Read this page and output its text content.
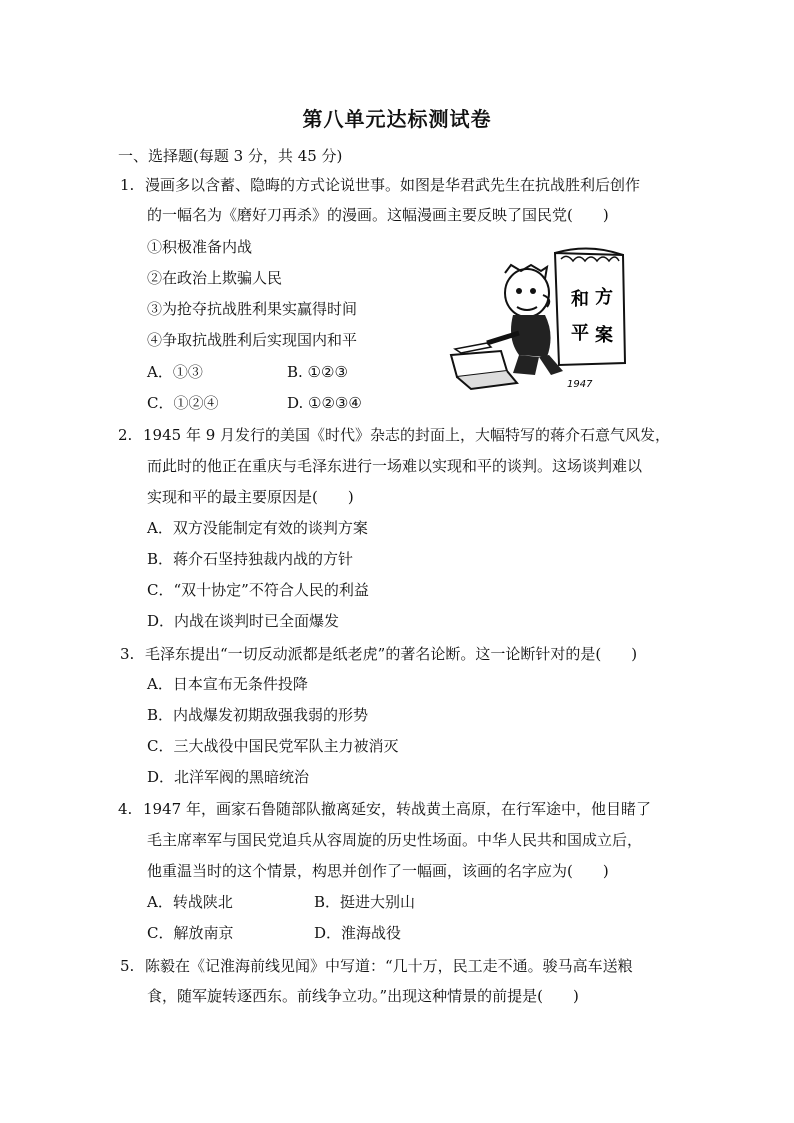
第八单元达标测试卷
一、选择题(每题 3 分，共 45 分)
1. 漫画多以含蓄、隐晦的方式论说世事。如图是华君武先生在抗战胜利后创作
的一幅名为《磨好刀再杀》的漫画。这幅漫画主要反映了国民党(　　)
①积极准备内战
②在政治上欺骗人民
③为抢夺抗战胜利果实赢得时间
④争取抗战胜利后实现国内和平
A．①③	B. ①②③
C．①②④	D. ①②③④
和 方
平 案
1947
2. 1945 年 9 月发行的美国《时代》杂志的封面上，大幅特写的蒋介石意气风发，
而此时的他正在重庆与毛泽东进行一场难以实现和平的谈判。这场谈判难以
实现和平的最主要原因是(　　)
A．双方没能制定有效的谈判方案
B．蒋介石坚持独裁内战的方针
C．“双十协定”不符合人民的利益
D．内战在谈判时已全面爆发
3. 毛泽东提出“一切反动派都是纸老虎”的著名论断。这一论断针对的是(　　)
A．日本宣布无条件投降
B．内战爆发初期敌强我弱的形势
C．三大战役中国民党军队主力被消灭
D．北洋军阀的黑暗统治
4. 1947 年，画家石鲁随部队撤离延安，转战黄土高原，在行军途中，他目睹了
毛主席率军与国民党追兵从容周旋的历史性场面。中华人民共和国成立后，
他重温当时的这个情景，构思并创作了一幅画，该画的名字应为(　　)
A．转战陕北	B．挺进大别山
C．解放南京	D．淮海战役
5. 陈毅在《记淮海前线见闻》中写道：“几十万，民工走不通。骏马高车送粮
食，随军旋转逐西东。前线争立功。”出现这种情景的前提是(　　)
